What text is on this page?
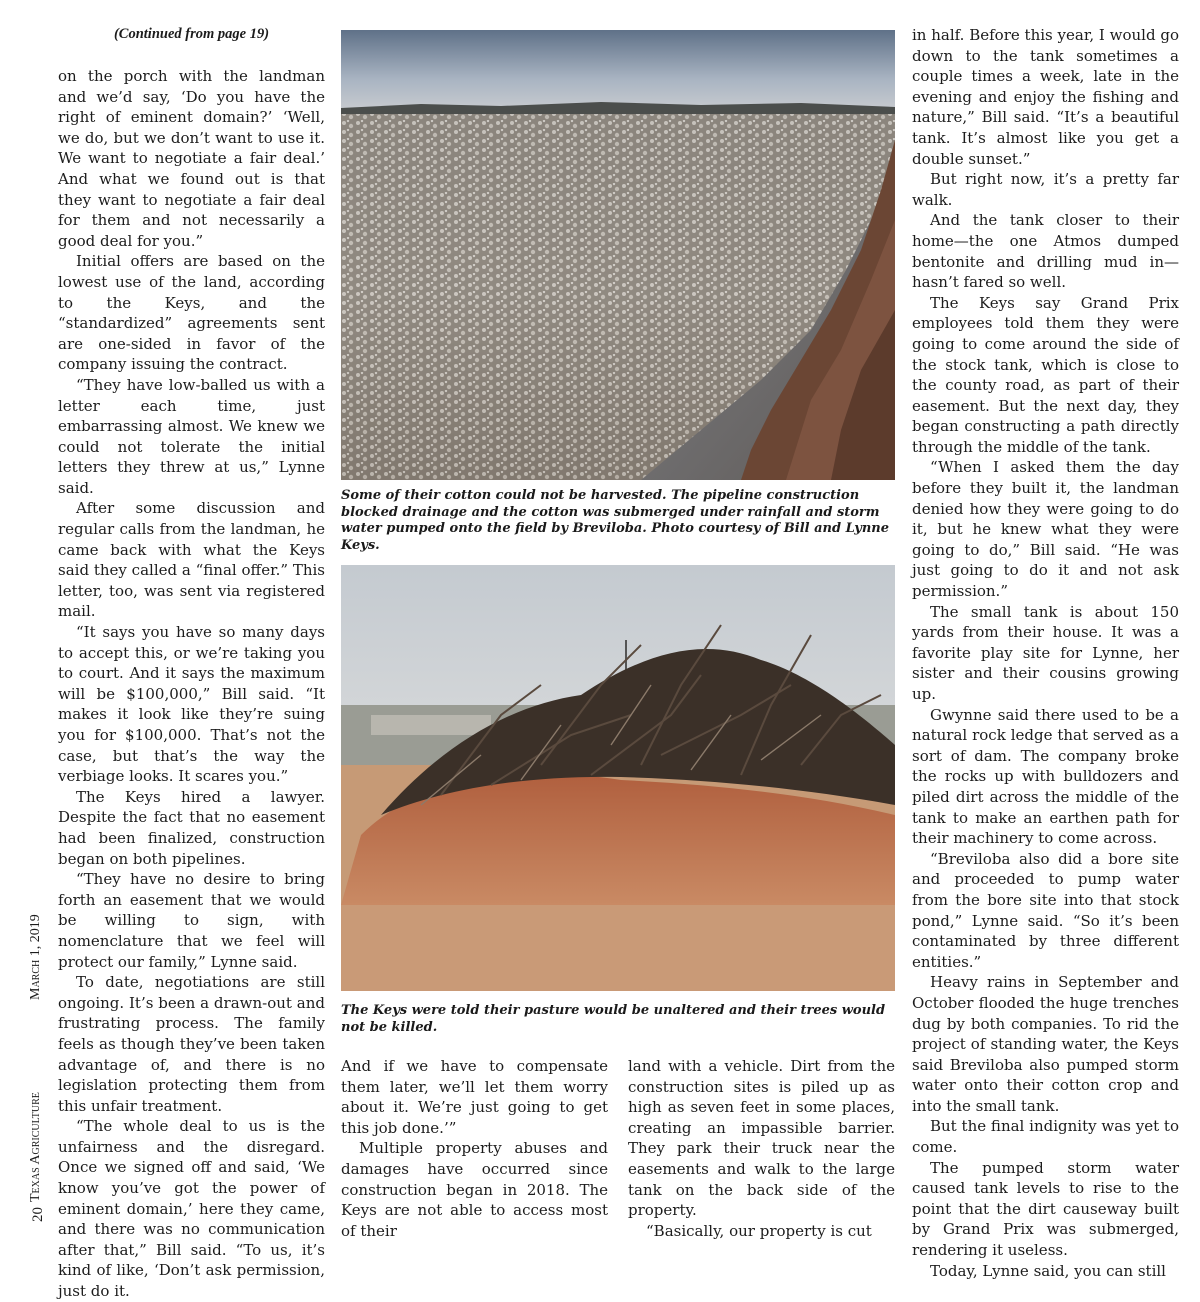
(Continued from page 19)

on the porch with the landman and we’d say, ‘Do you have the right of eminent domain?’ ‘Well, we do, but we don’t want to use it. We want to negotiate a fair deal.’ And what we found out is that they want to negotiate a fair deal for them and not necessarily a good deal for you.”

Initial offers are based on the lowest use of the land, according to the Keys, and the “standardized” agreements sent are one-sided in favor of the company issuing the contract.

“They have low-balled us with a letter each time, just embarrassing almost. We knew we could not tolerate the initial letters they threw at us,” Lynne said.

After some discussion and regular calls from the landman, he came back with what the Keys said they called a “final offer.” This letter, too, was sent via registered mail.

“It says you have so many days to accept this, or we’re taking you to court. And it says the maximum will be $100,000,” Bill said. “It makes it look like they’re suing you for $100,000. That’s not the case, but that’s the way the verbiage looks. It scares you.”

The Keys hired a lawyer. Despite the fact that no easement had been finalized, construction began on both pipelines.

“They have no desire to bring forth an easement that we would be willing to sign, with nomenclature that we feel will protect our family,” Lynne said.

To date, negotiations are still ongoing. It’s been a drawn-out and frustrating process. The family feels as though they’ve been taken advantage of, and there is no legislation protecting them from this unfair treatment.

“The whole deal to us is the unfairness and the disregard. Once we signed off and said, ‘We know you’ve got the power of eminent domain,’ here they came, and there was no communication after that,” Bill said. “To us, it’s kind of like, ‘Don’t ask permission, just do it.

Some of their cotton could not be harvested. The pipeline construction blocked drainage and the cotton was submerged under rainfall and storm water pumped onto the field by Breviloba. Photo courtesy of Bill and Lynne Keys.
The Keys were told their pasture would be unaltered and their trees would not be killed.

And if we have to compensate them later, we’ll let them worry about it. We’re just going to get this job done.’”

Multiple property abuses and damages have occurred since construction began in 2018. The Keys are not able to access most of their

land with a vehicle. Dirt from the construction sites is piled up as high as seven feet in some places, creating an impassible barrier. They park their truck near the easements and walk to the large tank on the back side of the property.

“Basically, our property is cut

in half. Before this year, I would go down to the tank sometimes a couple times a week, late in the evening and enjoy the fishing and nature,” Bill said. “It’s a beautiful tank. It’s almost like you get a double sunset.”

But right now, it’s a pretty far walk.

And the tank closer to their home—the one Atmos dumped bentonite and drilling mud in—hasn’t fared so well.

The Keys say Grand Prix employees told them they were going to come around the side of the stock tank, which is close to the county road, as part of their easement. But the next day, they began constructing a path directly through the middle of the tank.

“When I asked them the day before they built it, the landman denied how they were going to do it, but he knew what they were going to do,” Bill said. “He was just going to do it and not ask permission.”

The small tank is about 150 yards from their house. It was a favorite play site for Lynne, her sister and their cousins growing up.

Gwynne said there used to be a natural rock ledge that served as a sort of dam. The company broke the rocks up with bulldozers and piled dirt across the middle of the tank to make an earthen path for their machinery to come across.

“Breviloba also did a bore site and proceeded to pump water from the bore site into that stock pond,” Lynne said. “So it’s been contaminated by three different entities.”

Heavy rains in September and October flooded the huge trenches dug by both companies. To rid the project of standing water, the Keys said Breviloba also pumped storm water onto their cotton crop and into the small tank.

But the final indignity was yet to come.

The pumped storm water caused tank levels to rise to the point that the dirt causeway built by Grand Prix was submerged, rendering it useless.

Today, Lynne said, you can still

March 1, 2019
Texas Agriculture
20
